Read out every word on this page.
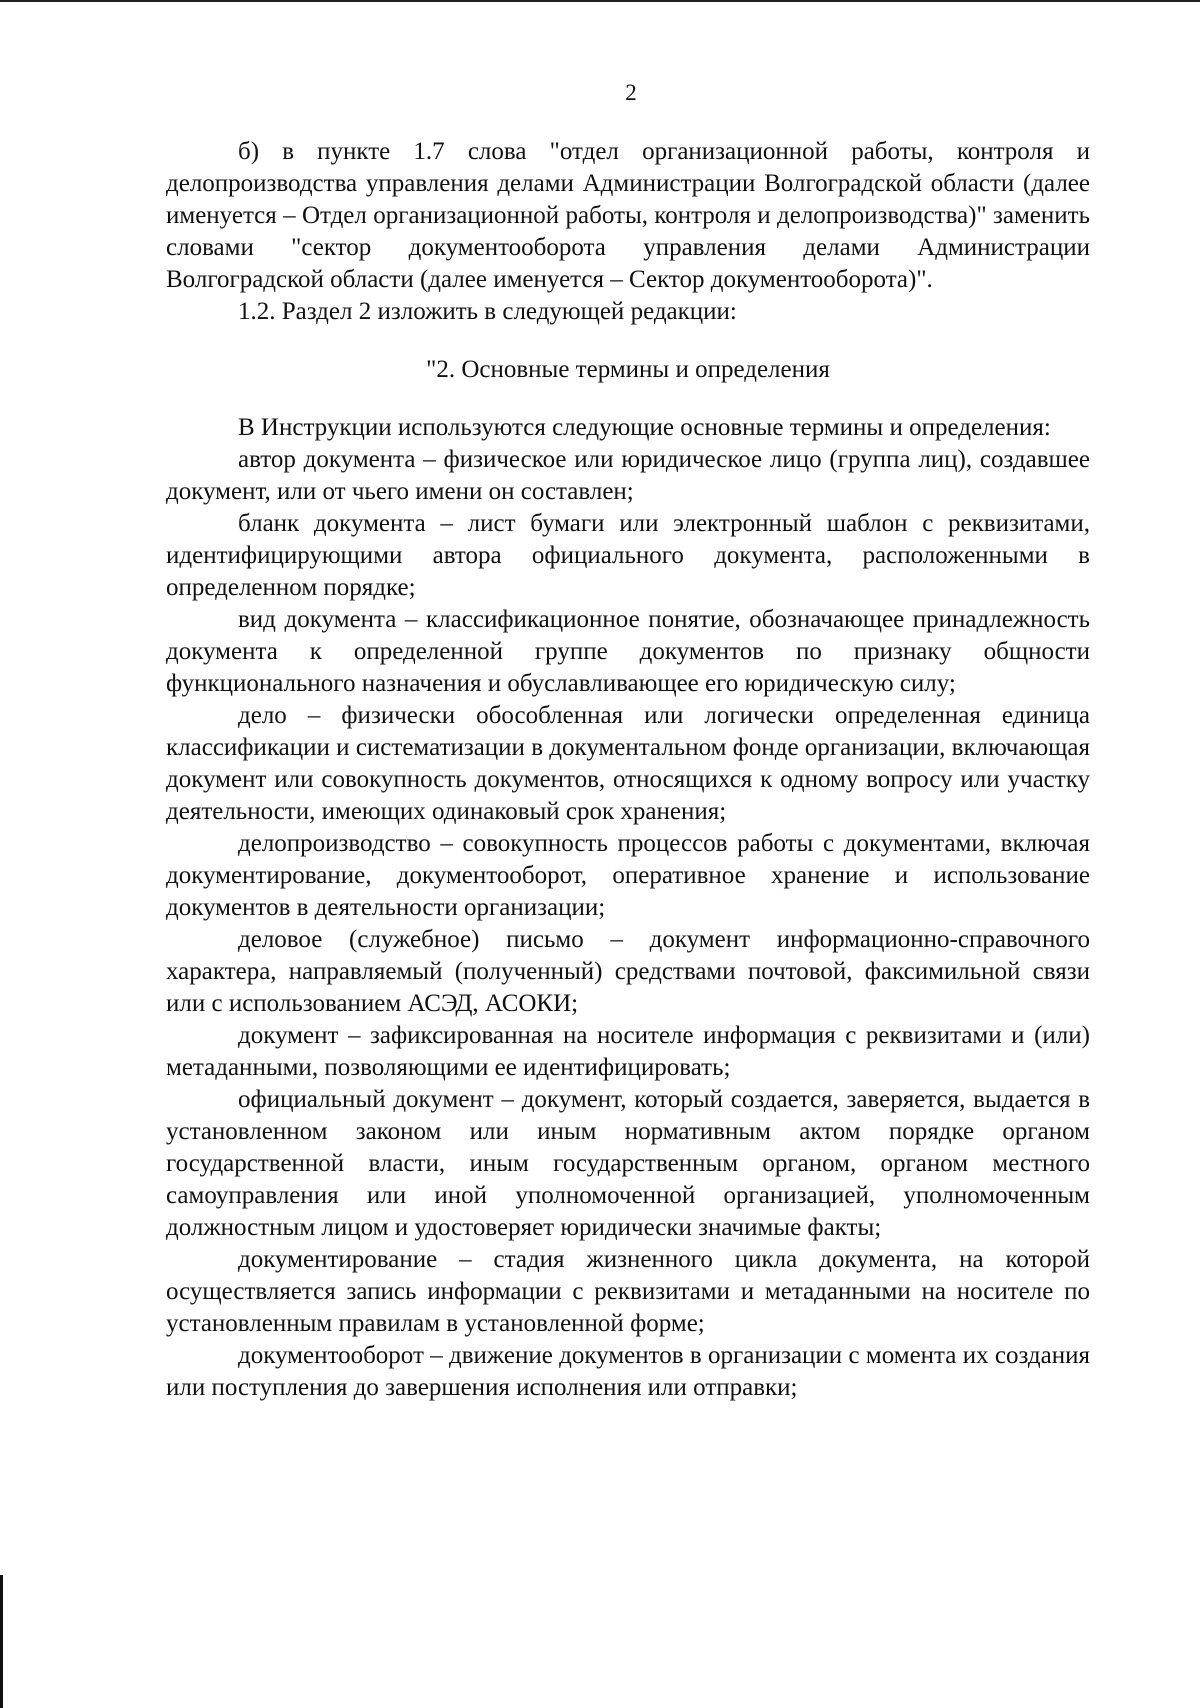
2

б) в пункте 1.7 слова "отдел организационной работы, контроля и делопроизводства управления делами Администрации Волгоградской области (далее именуется – Отдел организационной работы, контроля и делопроизводства)" заменить словами "сектор документооборота управления делами Администрации Волгоградской области (далее именуется – Сектор документооборота)".

1.2. Раздел 2 изложить в следующей редакции:

"2. Основные термины и определения

В Инструкции используются следующие основные термины и определения:

автор документа – физическое или юридическое лицо (группа лиц), создавшее документ, или от чьего имени он составлен;

бланк документа – лист бумаги или электронный шаблон с реквизитами, идентифицирующими автора официального документа, расположенными в определенном порядке;

вид документа – классификационное понятие, обозначающее принадлежность документа к определенной группе документов по признаку общности функционального назначения и обуславливающее его юридическую силу;

дело – физически обособленная или логически определенная единица классификации и систематизации в документальном фонде организации, включающая документ или совокупность документов, относящихся к одному вопросу или участку деятельности, имеющих одинаковый срок хранения;

делопроизводство – совокупность процессов работы с документами, включая документирование, документооборот, оперативное хранение и использование документов в деятельности организации;

деловое (служебное) письмо – документ информационно-справочного характера, направляемый (полученный) средствами почтовой, факсимильной связи или с использованием АСЭД, АСОКИ;

документ – зафиксированная на носителе информация с реквизитами и (или) метаданными, позволяющими ее идентифицировать;

официальный документ – документ, который создается, заверяется, выдается в установленном законом или иным нормативным актом порядке органом государственной власти, иным государственным органом, органом местного самоуправления или иной уполномоченной организацией, уполномоченным должностным лицом и удостоверяет юридически значимые факты;

документирование – стадия жизненного цикла документа, на которой осуществляется запись информации с реквизитами и метаданными на носителе по установленным правилам в установленной форме;

документооборот – движение документов в организации с момента их создания или поступления до завершения исполнения или отправки;
